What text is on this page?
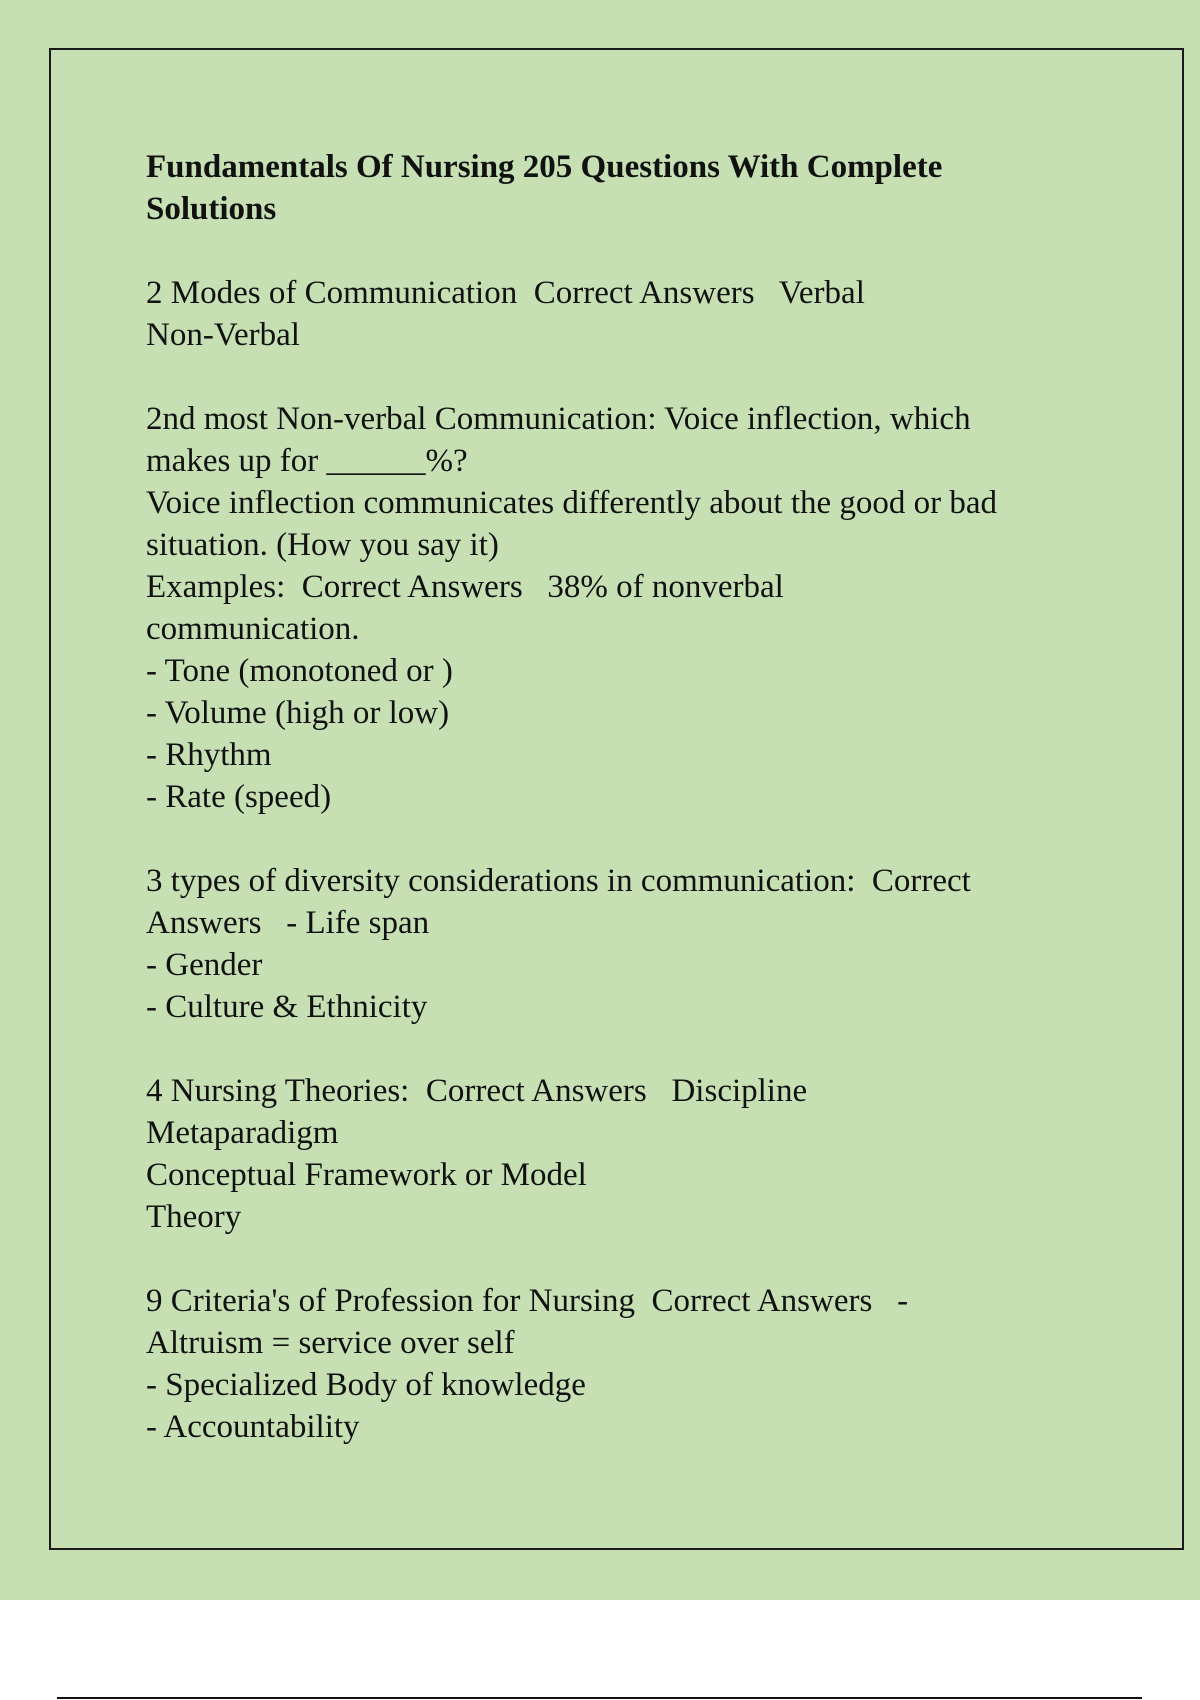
Fundamentals Of Nursing 205 Questions With Complete
Solutions
2 Modes of Communication  Correct Answers   Verbal
Non-Verbal
2nd most Non-verbal Communication: Voice inflection, which
makes up for ______%?
Voice inflection communicates differently about the good or bad
situation. (How you say it)
Examples:  Correct Answers   38% of nonverbal
communication.
- Tone (monotoned or )
- Volume (high or low)
- Rhythm
- Rate (speed)
3 types of diversity considerations in communication:  Correct
Answers   - Life span
- Gender
- Culture & Ethnicity
4 Nursing Theories:  Correct Answers   Discipline
Metaparadigm
Conceptual Framework or Model
Theory
9 Criteria's of Profession for Nursing  Correct Answers   -
Altruism = service over self
- Specialized Body of knowledge
- Accountability
